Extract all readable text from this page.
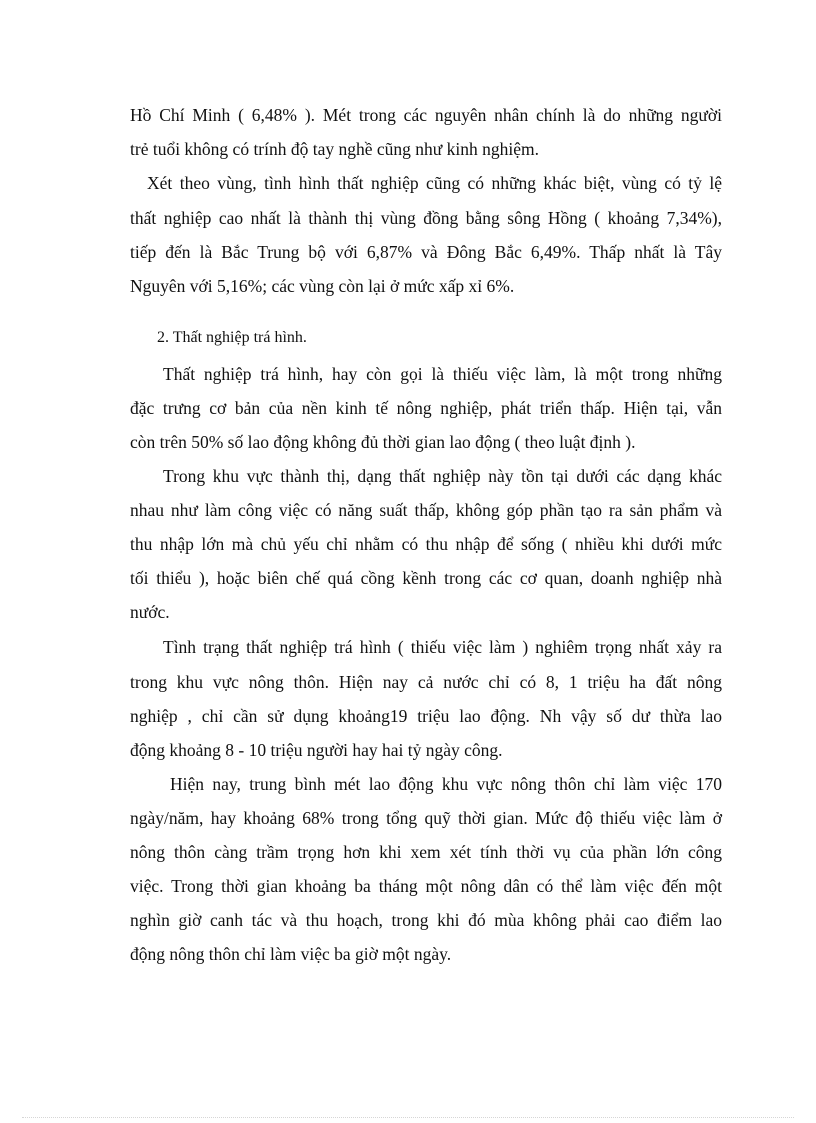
Hồ Chí Minh ( 6,48% ). Mét trong các nguyên nhân chính là do những người
trẻ tuổi không có trính độ tay nghề cũng như kinh nghiệm.
Xét theo vùng, tình hình thất nghiệp cũng có những khác biệt, vùng có tỷ lệ
thất nghiệp cao nhất là thành thị vùng đồng bằng sông Hồng ( khoảng 7,34%),
tiếp đến là Bắc Trung bộ với 6,87% và Đông Bắc 6,49%. Thấp nhất là Tây
Nguyên với 5,16%; các vùng còn lại ở mức xấp xỉ 6%.
2. Thất nghiệp trá hình.
Thất nghiệp trá hình, hay còn gọi là thiếu việc làm, là một trong những
đặc trưng cơ bản của nền kinh tế nông nghiệp, phát triển thấp. Hiện tại, vẫn
còn trên 50% số lao động không đủ thời gian lao động ( theo luật định ).
Trong khu vực thành thị, dạng thất nghiệp này tồn tại dưới các dạng khác
nhau như làm công việc có năng suất thấp, không góp phần tạo ra sản phẩm và
thu nhập lớn mà chủ yếu chỉ nhằm có thu nhập để sống ( nhiều khi dưới mức
tối thiểu ), hoặc biên chế quá cồng kềnh trong các cơ quan, doanh nghiệp nhà
nước.
Tình trạng thất nghiệp trá hình ( thiếu việc làm ) nghiêm trọng nhất xảy ra
trong khu vực nông thôn. Hiện nay cả nước chỉ có 8, 1 triệu ha đất nông
nghiệp , chỉ cần sử dụng khoảng19 triệu lao động. Nh vậy số dư thừa lao
động khoảng 8 - 10 triệu người hay hai tỷ ngày công.
Hiện nay, trung bình mét lao động khu vực nông thôn chỉ làm việc 170
ngày/năm, hay khoảng 68% trong tổng quỹ thời gian. Mức độ thiếu việc làm ở
nông thôn càng trầm trọng hơn khi xem xét tính thời vụ của phần lớn công
việc. Trong thời gian khoảng ba tháng một nông dân có thể làm việc đến một
nghìn giờ canh tác và thu hoạch, trong khi đó mùa không phải cao điểm lao
động nông thôn chỉ làm việc ba giờ một ngày.
